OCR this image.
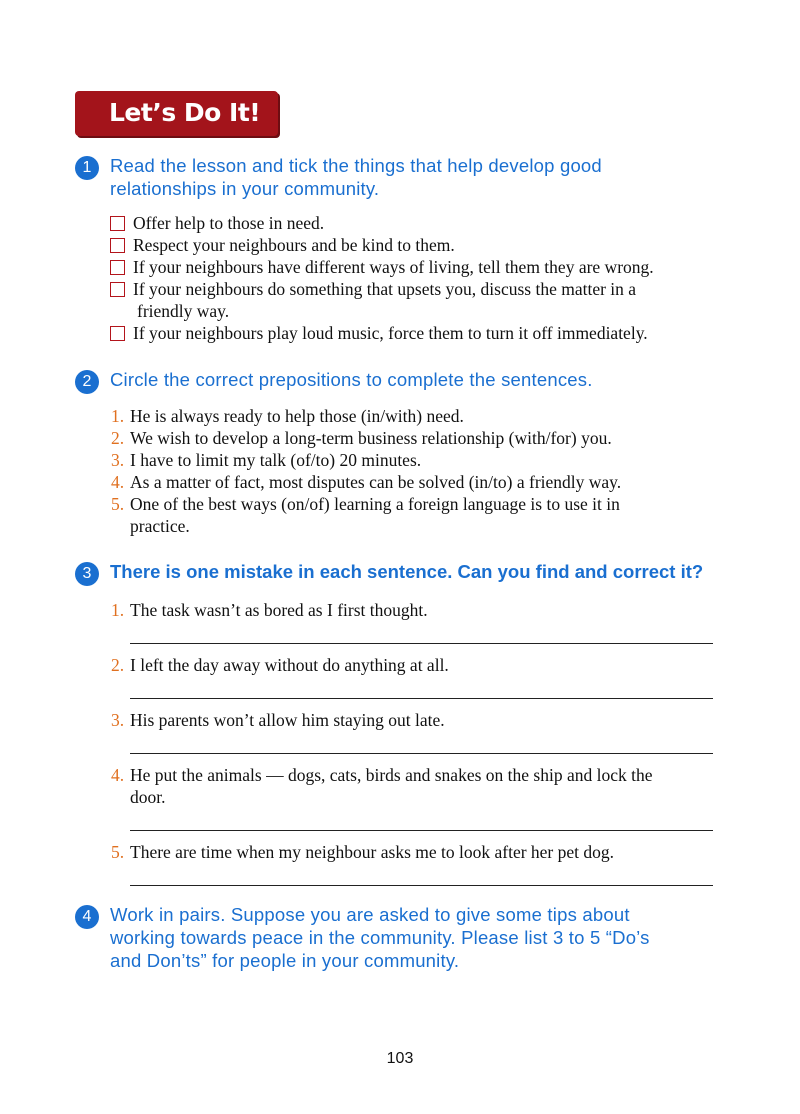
Let’s Do It!
1	Read the lesson and tick the things that help develop good
relationships in your community.
Offer help to those in need.
Respect your neighbours and be kind to them.
If your neighbours have different ways of living, tell them they are wrong.
If your neighbours do something that upsets you, discuss the matter in a
friendly way.
If your neighbours play loud music, force them to turn it off immediately.
2	Circle the correct prepositions to complete the sentences.
1. He is always ready to help those (in/with) need.
2. We wish to develop a long-term business relationship (with/for) you.
3. I have to limit my talk (of/to) 20 minutes.
4. As a matter of fact, most disputes can be solved (in/to) a friendly way.
5. One of the best ways (on/of) learning a foreign language is to use it in
practice.
3	There is one mistake in each sentence. Can you find and correct it?
1. The task wasn’t as bored as I first thought.
2. I left the day away without do anything at all.
3. His parents won’t allow him staying out late.
4. He put the animals — dogs, cats, birds and snakes on the ship and lock the
door.
5. There are time when my neighbour asks me to look after her pet dog.
4	Work in pairs. Suppose you are asked to give some tips about
working towards peace in the community. Please list 3 to 5 “Do’s
and Don’ts” for people in your community.
103
